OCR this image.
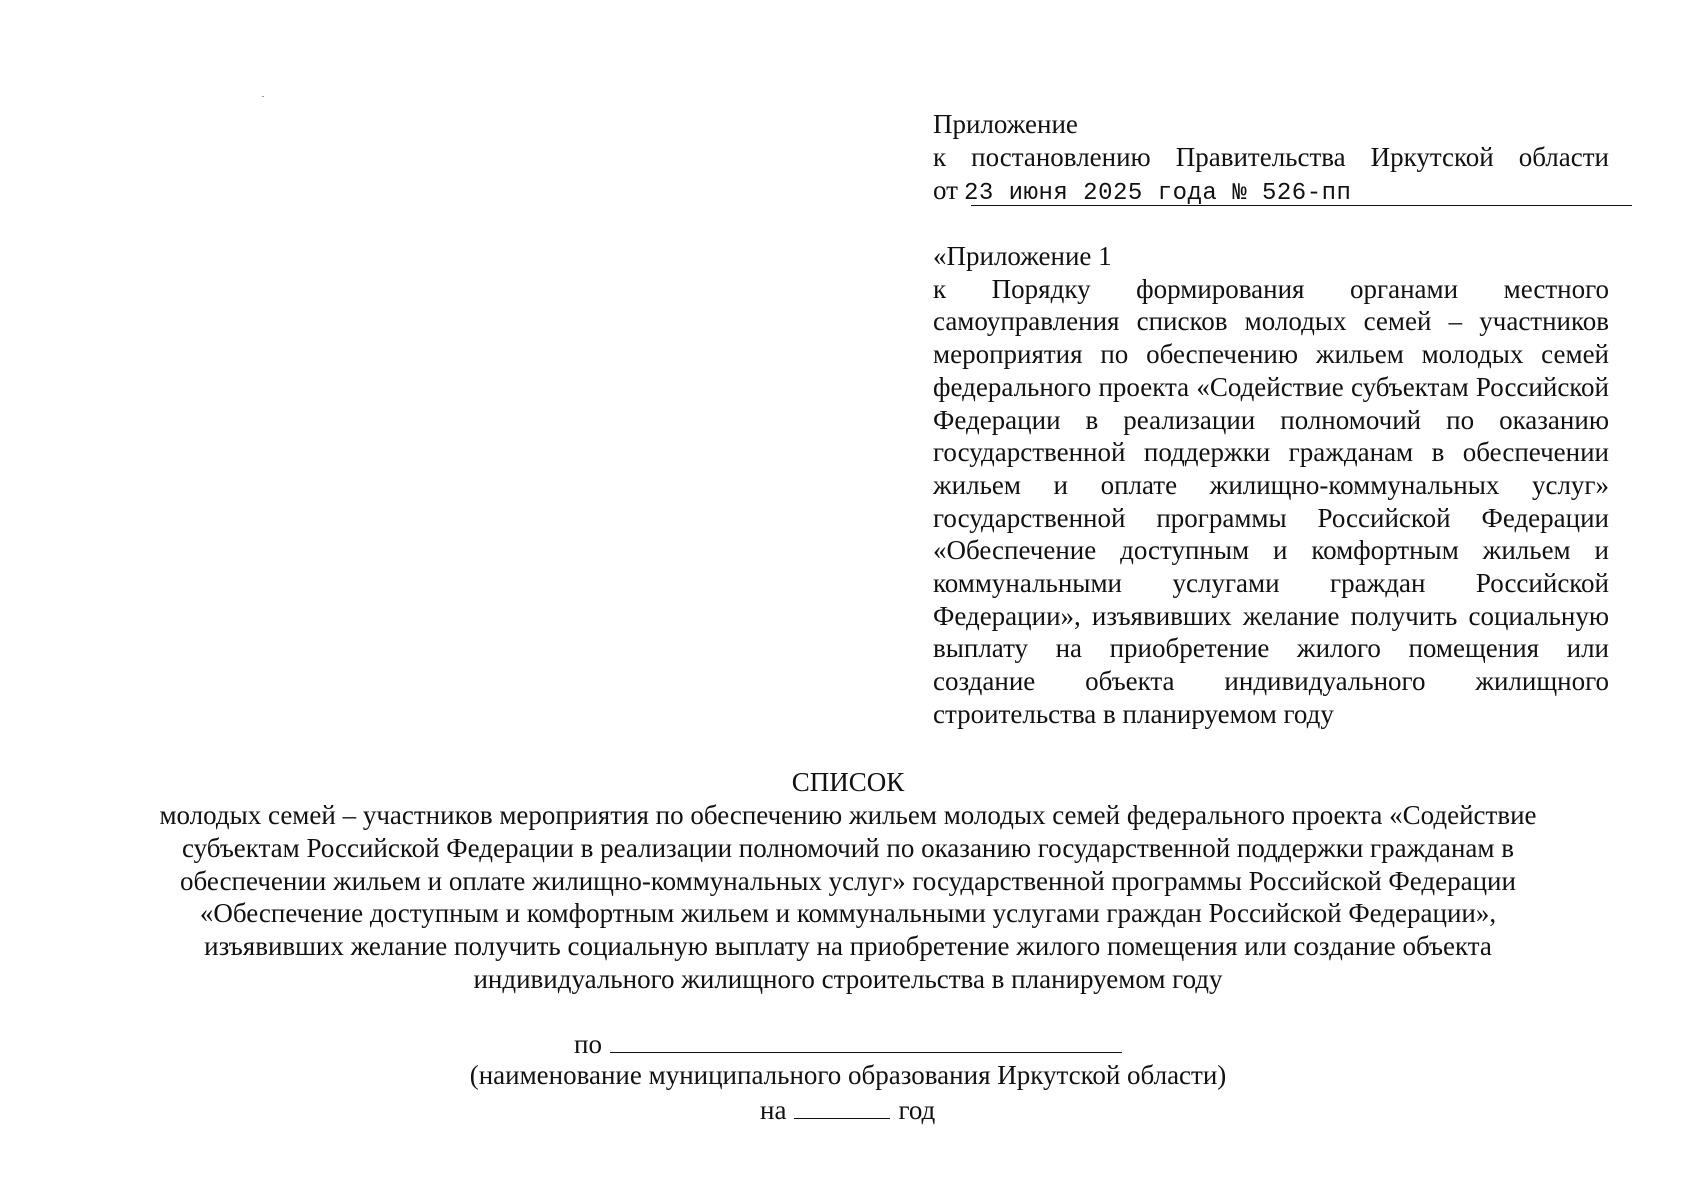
Приложение
к постановлению Правительства Иркутской области
от 23 июня 2025 года № 526-пп
«Приложение 1
к Порядку формирования органами местного самоуправления списков молодых семей – участников мероприятия по обеспечению жильем молодых семей федерального проекта «Содействие субъектам Российской Федерации в реализации полномочий по оказанию государственной поддержки гражданам в обеспечении жильем и оплате жилищно-коммунальных услуг» государственной программы Российской Федерации «Обеспечение доступным и комфортным жильем и коммунальными услугами граждан Российской Федерации», изъявивших желание получить социальную выплату на приобретение жилого помещения или создание объекта индивидуального жилищного строительства в планируемом году
СПИСОК
молодых семей – участников мероприятия по обеспечению жильем молодых семей федерального проекта «Содействие
субъектам Российской Федерации в реализации полномочий по оказанию государственной поддержки гражданам в
обеспечении жильем и оплате жилищно-коммунальных услуг» государственной программы Российской Федерации
«Обеспечение доступным и комфортным жильем и коммунальными услугами граждан Российской Федерации»,
изъявивших желание получить социальную выплату на приобретение жилого помещения или создание объекта
индивидуального жилищного строительства в планируемом году
по
(наименование муниципального образования Иркутской области)
на	год
